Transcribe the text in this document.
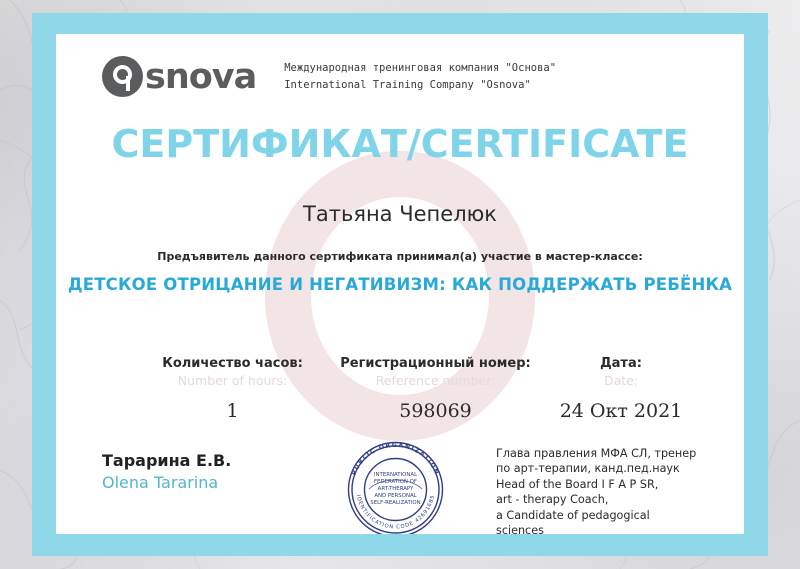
snova	Международная тренинговая компания "Основа"
International Training Company "Osnova"
СЕРТИФИКАТ/CERTIFICATE
Татьяна Чепелюк
Предъявитель данного сертификата принимал(а) участие в мастер-классе:
ДЕТСКОЕ ОТРИЦАНИЕ И НЕГАТИВИЗМ: КАК ПОДДЕРЖАТЬ РЕБЁНКА
Количество часов:
Number of hours:
1
Регистрационный номер:
Reference number:
598069
Дата:
Date:
24 Окт 2021
Тарарина Е.В.
Olena Tararina
PUBLIC ORGANIZATION
IDENTIFICATION CODE 42691685
INTERNATIONAL
FEDERATION OF
ART-THERAPY
AND PERSONAL
SELF-REALIZATION
Глава правления МФА СЛ, тренер
по арт-терапии, канд.пед.наук
Head of the Board I F A P SR,
art - therapy Coach,
a Candidate of pedagogical
sciences
